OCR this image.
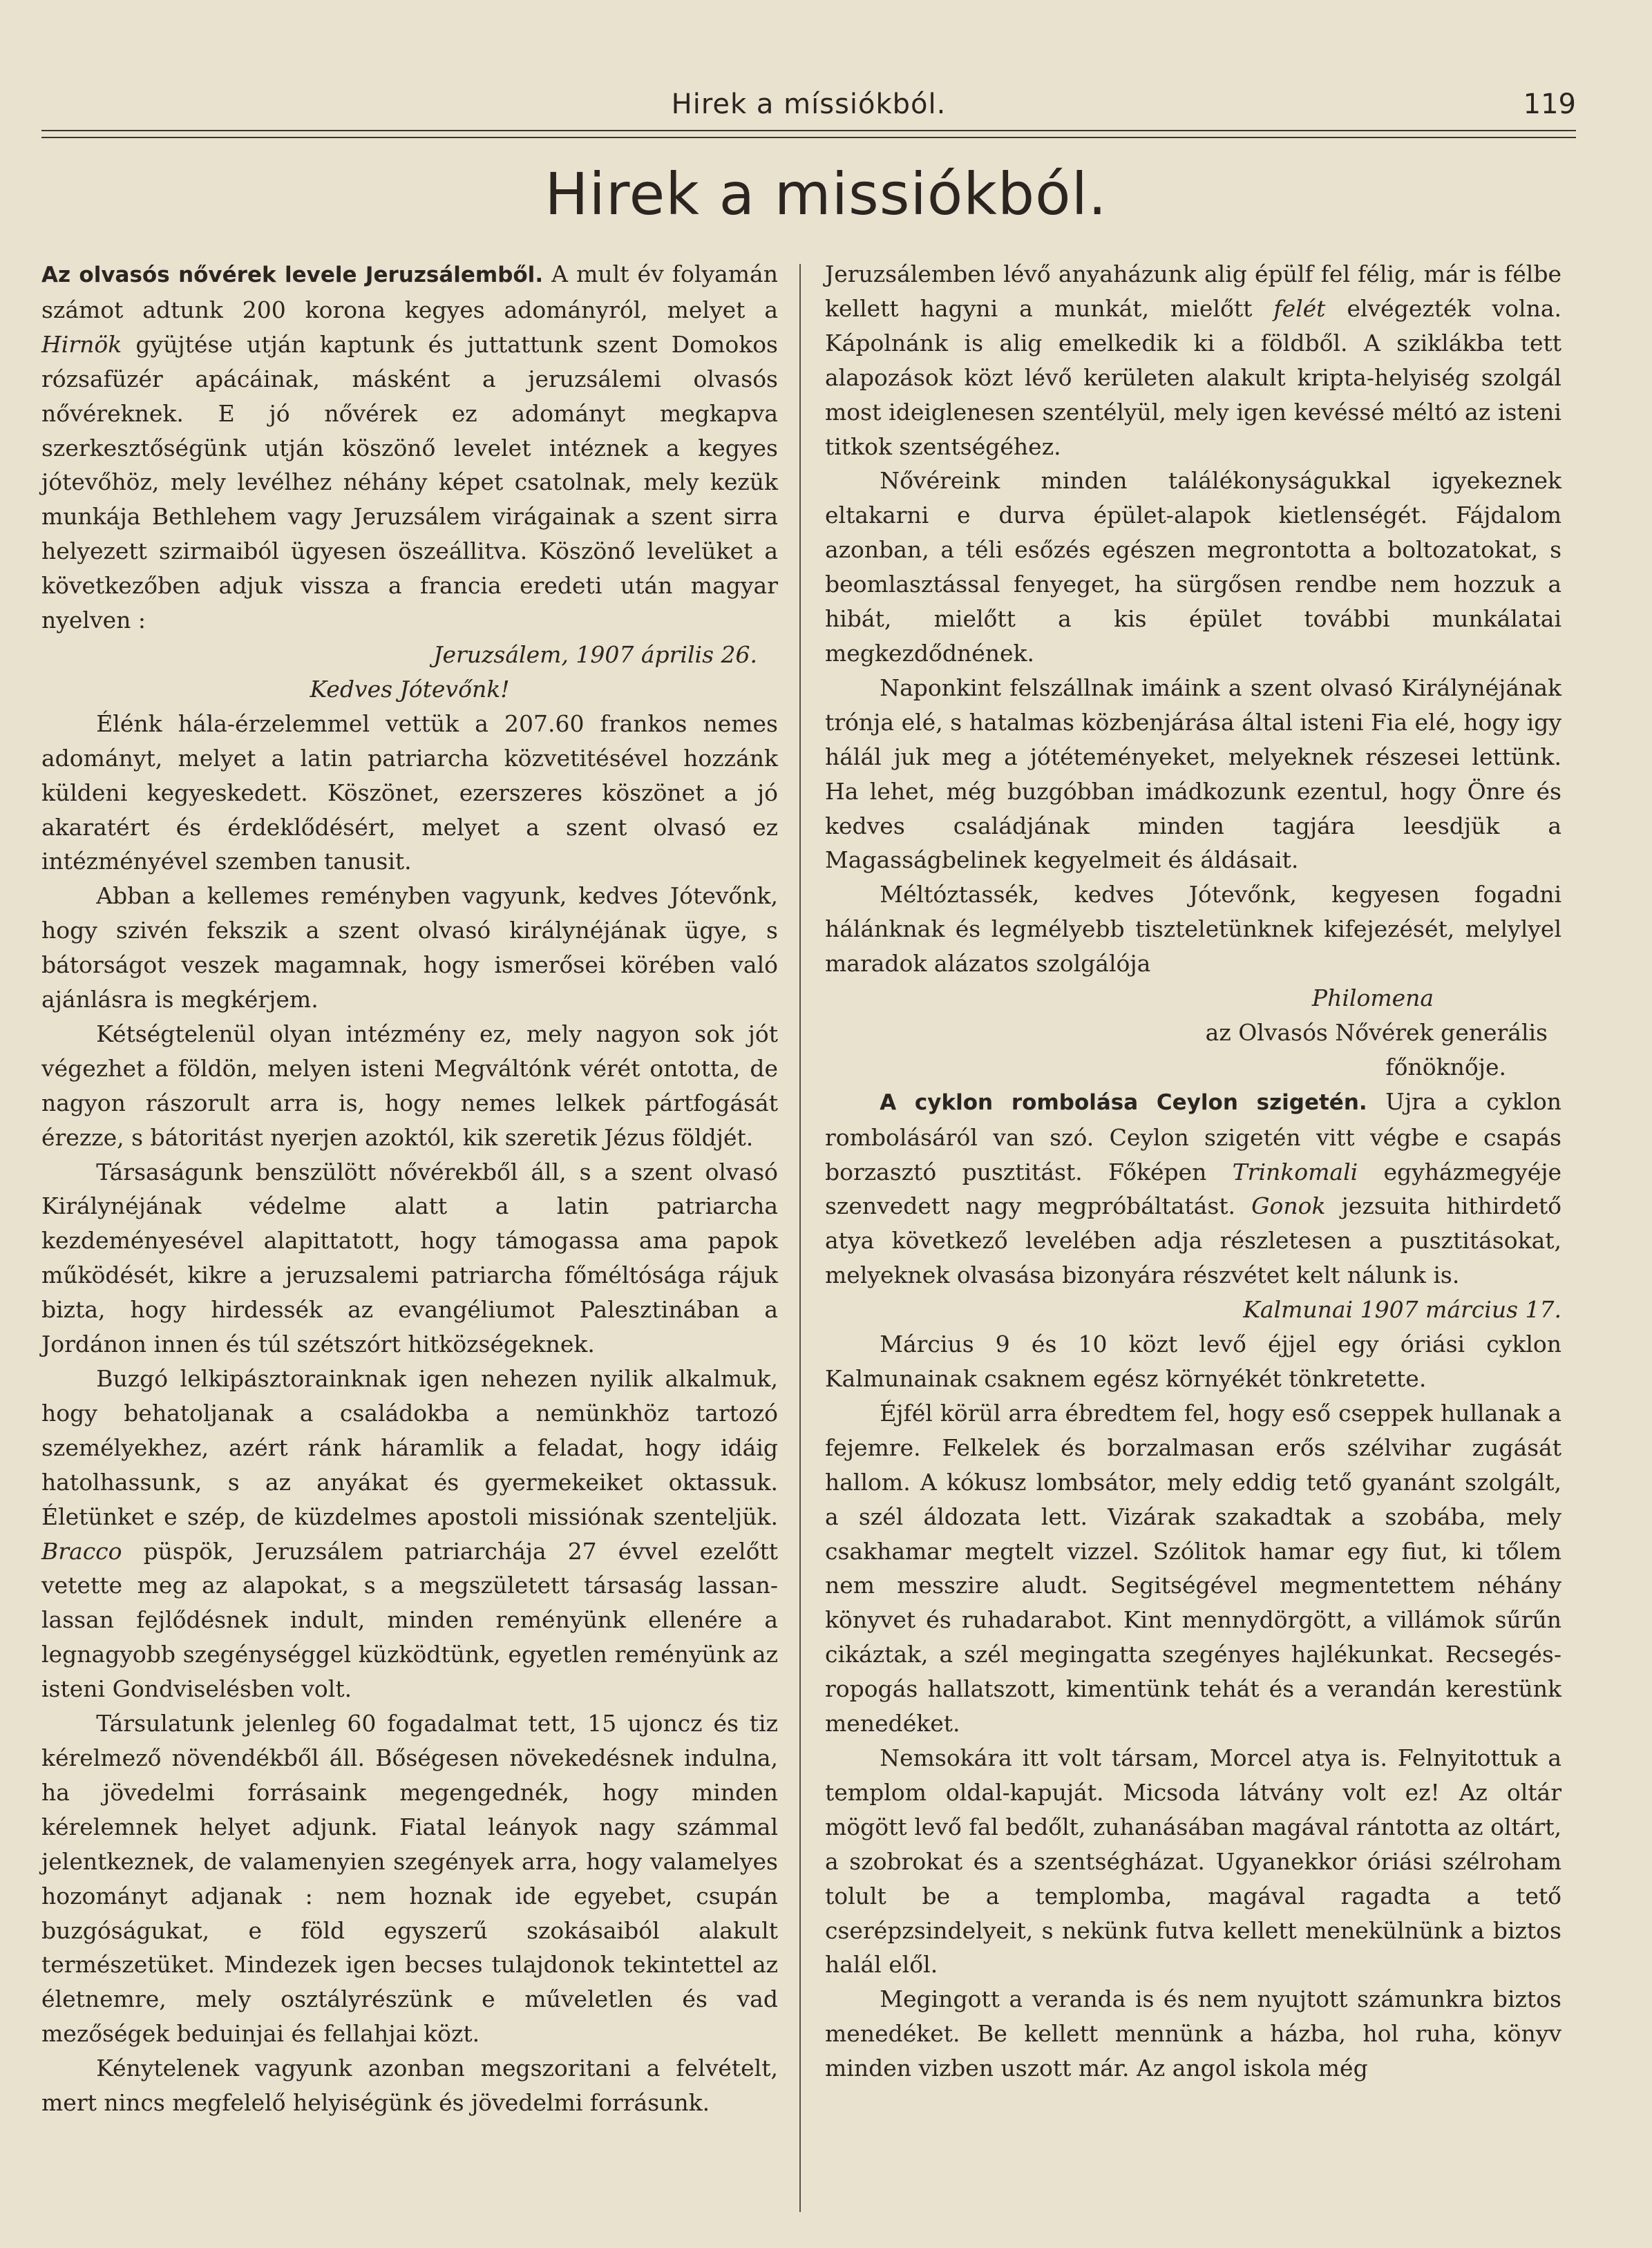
Hirek a míssiókból.	119
Hirek a missiókból.

Az olvasós nővérek levele Jeruzsálemből. A mult év folyamán számot adtunk 200 korona kegyes adományról, melyet a Hirnök gyüjtése utján kaptunk és juttattunk szent Domokos rózsafüzér apácáinak, másként a jeruzsálemi olvasós nővéreknek. E jó nővérek ez adományt megkapva szerkesztőségünk utján köszönő levelet intéznek a kegyes jótevőhöz, mely levélhez néhány képet csatolnak, mely kezük munkája Bethlehem vagy Jeruzsálem virágainak a szent sirra helyezett szirmaiból ügyesen öszeállitva. Köszönő levelüket a következőben adjuk vissza a francia eredeti után magyar nyelven :

Jeruzsálem, 1907 április 26.

Kedves Jótevőnk!

Élénk hála-érzelemmel vettük a 207.60 frankos nemes adományt, melyet a latin patriarcha közvetitésével hozzánk küldeni kegyeskedett. Köszönet, ezerszeres köszönet a jó akaratért és érdeklődésért, melyet a szent olvasó ez intézményével szemben tanusit.

Abban a kellemes reményben vagyunk, kedves Jótevőnk, hogy szivén fekszik a szent olvasó királynéjának ügye, s bátorságot veszek magamnak, hogy ismerősei körében való ajánlásra is megkérjem.

Kétségtelenül olyan intézmény ez, mely nagyon sok jót végezhet a földön, melyen isteni Megváltónk vérét ontotta, de nagyon rászorult arra is, hogy nemes lelkek pártfogását érezze, s bátoritást nyerjen azoktól, kik szeretik Jézus földjét.

Társaságunk benszülött nővérekből áll, s a szent olvasó Királynéjának védelme alatt a latin patriarcha kezdeményesével alapittatott, hogy támogassa ama papok működését, kikre a jeruzsalemi patriarcha főméltósága rájuk bizta, hogy hirdessék az evangéliumot Palesztinában a Jordánon innen és túl szétszórt hitközségeknek.

Buzgó lelkipásztorainknak igen nehezen nyilik alkalmuk, hogy behatoljanak a családokba a nemünkhöz tartozó személyekhez, azért ránk háramlik a feladat, hogy idáig hatolhassunk, s az anyákat és gyermekeiket oktassuk. Életünket e szép, de küzdelmes apostoli missiónak szenteljük. Bracco püspök, Jeruzsálem patriarchája 27 évvel ezelőtt vetette meg az alapokat, s a megszületett társaság lassan-lassan fejlődésnek indult, minden reményünk ellenére a legnagyobb szegénységgel küzködtünk, egyetlen reményünk az isteni Gondviselésben volt.

Társulatunk jelenleg 60 fogadalmat tett, 15 ujoncz és tiz kérelmező növendékből áll. Bőségesen növekedésnek indulna, ha jövedelmi forrásaink megengednék, hogy minden kérelemnek helyet adjunk. Fiatal leányok nagy számmal jelentkeznek, de valamenyien szegények arra, hogy valamelyes hozományt adjanak : nem hoznak ide egyebet, csupán buzgóságukat, e föld egyszerű szokásaiból alakult természetüket. Mindezek igen becses tulajdonok tekintettel az életnemre, mely osztályrészünk e műveletlen és vad mezőségek beduinjai és fellahjai közt.

Kénytelenek vagyunk azonban megszoritani a felvételt, mert nincs megfelelő helyiségünk és jövedelmi forrásunk.

Jeruzsálemben lévő anyaházunk alig épülf fel félig, már is félbe kellett hagyni a munkát, mielőtt felét elvégezték volna. Kápolnánk is alig emelkedik ki a földből. A sziklákba tett alapozások közt lévő kerületen alakult kripta-helyiség szolgál most ideiglenesen szentélyül, mely igen kevéssé méltó az isteni titkok szentségéhez.

Nővéreink minden találékonyságukkal igyekeznek eltakarni e durva épület-alapok kietlenségét. Fájdalom azonban, a téli esőzés egészen megrontotta a boltozatokat, s beomlasztással fenyeget, ha sürgősen rendbe nem hozzuk a hibát, mielőtt a kis épület további munkálatai megkezdődnének.

Naponkint felszállnak imáink a szent olvasó Királynéjának trónja elé, s hatalmas közbenjárása által isteni Fia elé, hogy igy hálál juk meg a jótéteményeket, melyeknek részesei lettünk. Ha lehet, még buzgóbban imádkozunk ezentul, hogy Önre és kedves családjának minden tagjára leesdjük a Magasságbelinek kegyelmeit és áldásait.

Méltóztassék, kedves Jótevőnk, kegyesen fogadni hálánknak és legmélyebb tiszteletünknek kifejezését, melylyel maradok alázatos szolgálója

Philomena

az Olvasós Nővérek generális

főnöknője.

A cyklon rombolása Ceylon szigetén. Ujra a cyklon rombolásáról van szó. Ceylon szigetén vitt végbe e csapás borzasztó pusztitást. Főképen Trinkomali egyházmegyéje szenvedett nagy megpróbáltatást. Gonok jezsuita hithirdető atya következő levelében adja részletesen a pusztitásokat, melyeknek olvasása bizonyára részvétet kelt nálunk is.

Kalmunai 1907 március 17.

Március 9 és 10 közt levő éjjel egy óriási cyklon Kalmunainak csaknem egész környékét tönkretette.

Éjfél körül arra ébredtem fel, hogy eső cseppek hullanak a fejemre. Felkelek és borzalmasan erős szélvihar zugását hallom. A kókusz lombsátor, mely eddig tető gyanánt szolgált, a szél áldozata lett. Vizárak szakadtak a szobába, mely csakhamar megtelt vizzel. Szólitok hamar egy fiut, ki tőlem nem messzire aludt. Segitségével megmentettem néhány könyvet és ruhadarabot. Kint mennydörgött, a villámok sűrűn cikáztak, a szél megingatta szegényes hajlékunkat. Recsegés-ropogás hallatszott, kimentünk tehát és a verandán kerestünk menedéket.

Nemsokára itt volt társam, Morcel atya is. Felnyitottuk a templom oldal-kapuját. Micsoda látvány volt ez! Az oltár mögött levő fal bedőlt, zuhanásában magával rántotta az oltárt, a szobrokat és a szentségházat. Ugyanekkor óriási szélroham tolult be a templomba, magával ragadta a tető cserépzsindelyeit, s nekünk futva kellett menekülnünk a biztos halál elől.

Megingott a veranda is és nem nyujtott számunkra biztos menedéket. Be kellett mennünk a házba, hol ruha, könyv minden vizben uszott már. Az angol iskola még
